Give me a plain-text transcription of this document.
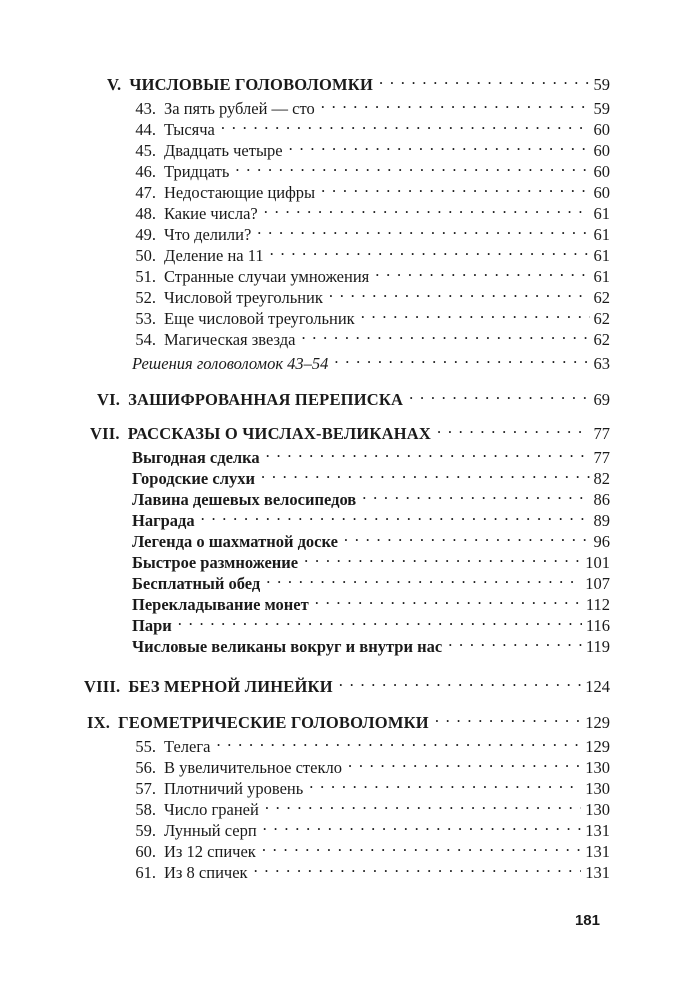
V. ЧИСЛОВЫЕ ГОЛОВОЛОМКИ . . .	59
43. За пять рублей — сто . . .	59
44. Тысяча . . .	60
45. Двадцать четыре . . .	60
46. Тридцать . . .	60
47. Недостающие цифры . . .	60
48. Какие числа? . . .	61
49. Что делили? . . .	61
50. Деление на 11 . . .	61
51. Странные случаи умножения . . .	61
52. Числовой треугольник . . .	62
53. Еще числовой треугольник . . .	62
54. Магическая звезда . . .	62
Решения головоломок 43–54 . . .	63
VI. ЗАШИФРОВАННАЯ ПЕРЕПИСКА . . .	69
VII. РАССКАЗЫ О ЧИСЛАХ-ВЕЛИКАНАХ . . .	77
Выгодная сделка . . .	77
Городские слухи . . .	82
Лавина дешевых велосипедов . . .	86
Награда . . .	89
Легенда о шахматной доске . . .	96
Быстрое размножение . . .	101
Бесплатный обед . . .	107
Перекладывание монет . . .	112
Пари . . .	116
Числовые великаны вокруг и внутри нас . . .	119
VIII. БЕЗ МЕРНОЙ ЛИНЕЙКИ . . .	124
IX. ГЕОМЕТРИЧЕСКИЕ ГОЛОВОЛОМКИ . . .	129
55. Телега . . .	129
56. В увеличительное стекло . . .	130
57. Плотничий уровень . . .	130
58. Число граней . . .	130
59. Лунный серп . . .	131
60. Из 12 спичек . . .	131
61. Из 8 спичек . . .	131
181
